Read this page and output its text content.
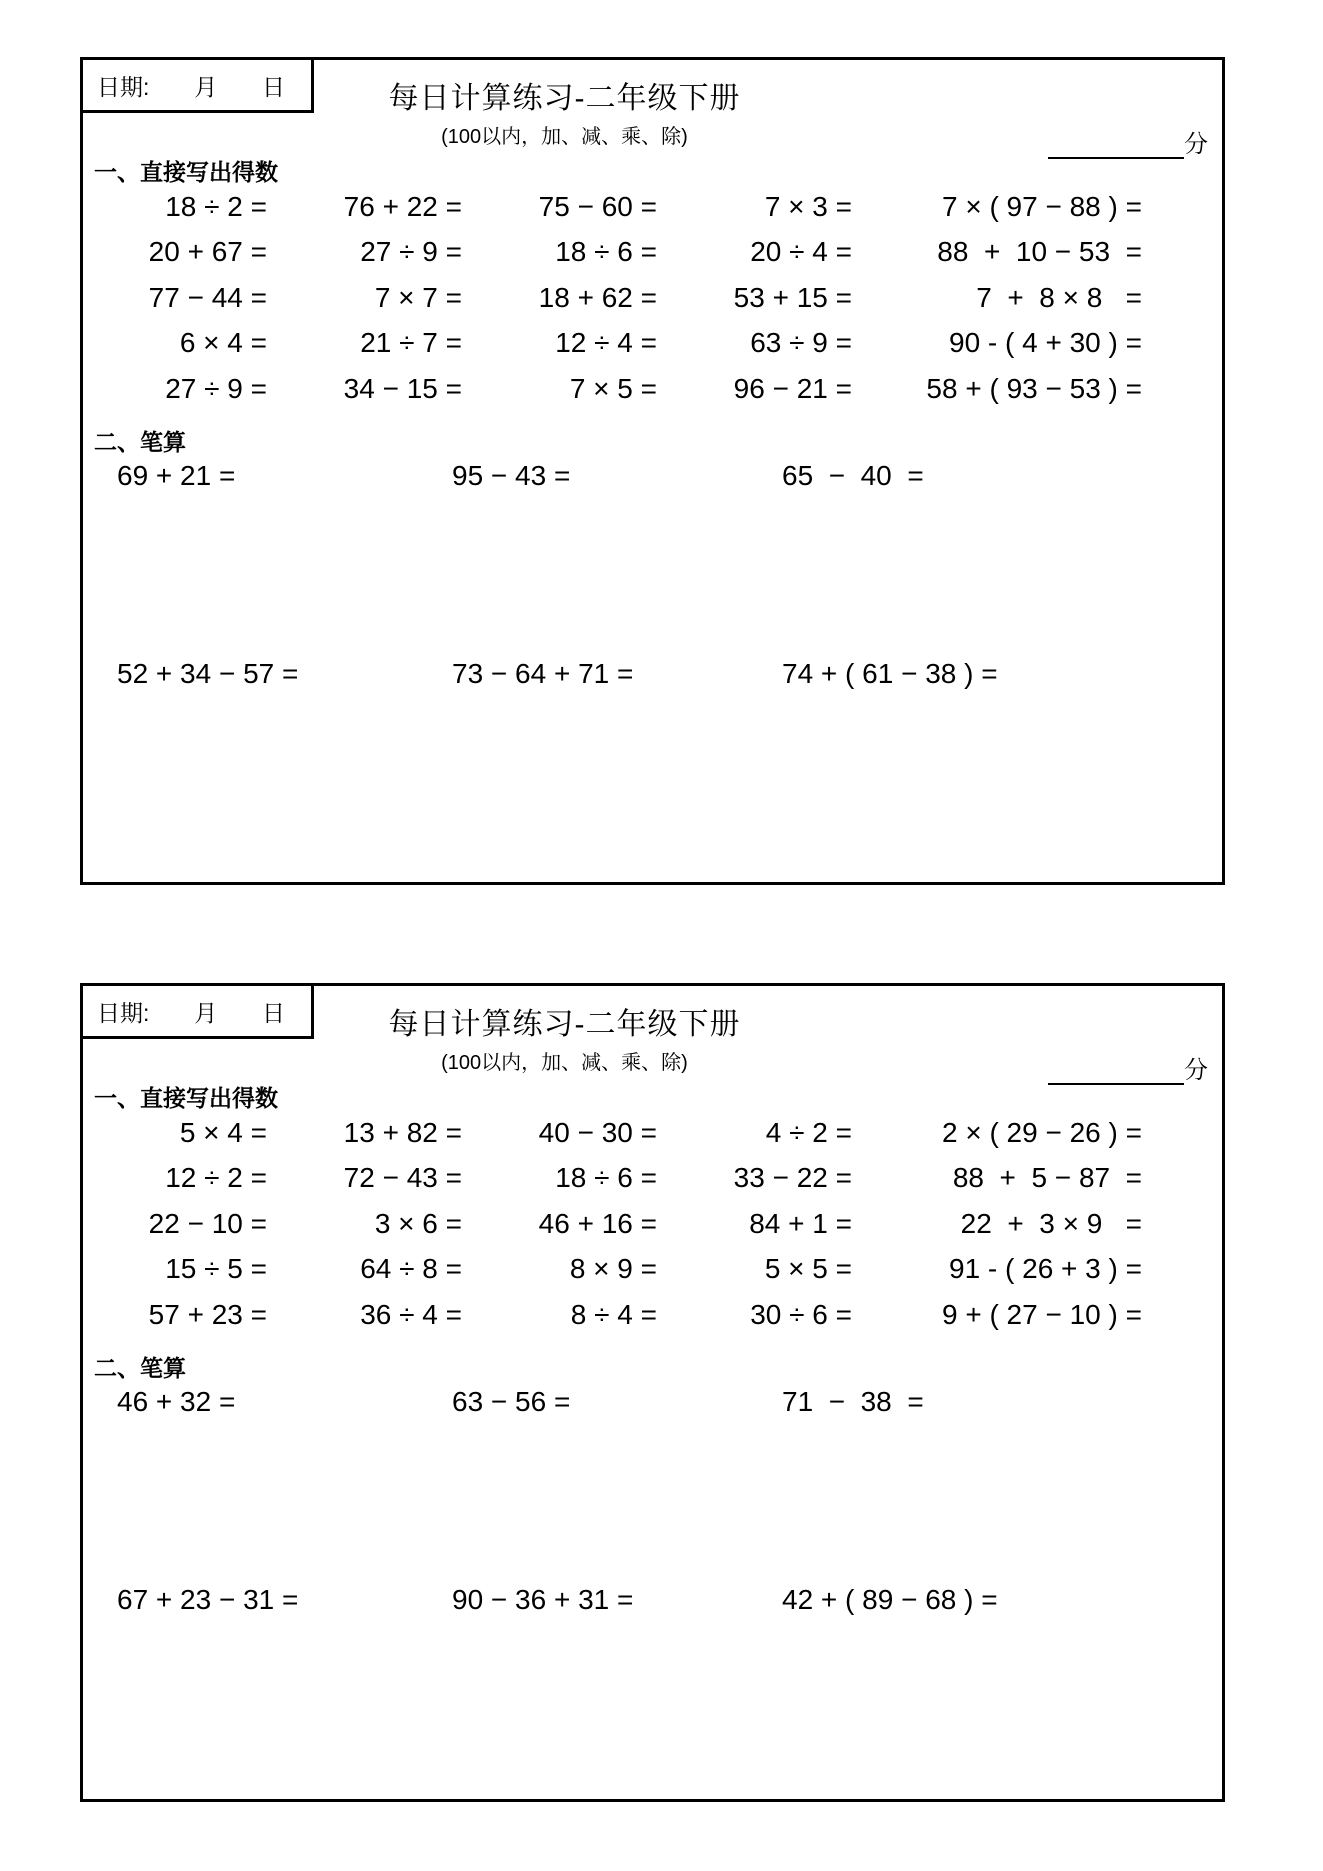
日期: 月 日	每日计算练习-二年级下册
(100以内，加、减、乘、除)	分
一、直接写出得数
18 ÷ 2 =	76 + 22 =	75 − 60 =	7 × 3 =	7 × ( 97 − 88 ) =
20 + 67 =	27 ÷ 9 =	18 ÷ 6 =	20 ÷ 4 =	88  +  10 − 53  =
77 − 44 =	7 × 7 =	18 + 62 =	53 + 15 =	7  +  8 × 8   =
6 × 4 =	21 ÷ 7 =	12 ÷ 4 =	63 ÷ 9 =	90 - ( 4 + 30 ) =
27 ÷ 9 =	34 − 15 =	7 × 5 =	96 − 21 =	58 + ( 93 − 53 ) =
二、笔算
69 + 21 =	95 − 43 =	65  −  40  =
52 + 34 − 57 =	73 − 64 + 71 =	74 + ( 61 − 38 ) =
日期: 月 日	每日计算练习-二年级下册
(100以内，加、减、乘、除)	分
一、直接写出得数
5 × 4 =	13 + 82 =	40 − 30 =	4 ÷ 2 =	2 × ( 29 − 26 ) =
12 ÷ 2 =	72 − 43 =	18 ÷ 6 =	33 − 22 =	88  +  5 − 87  =
22 − 10 =	3 × 6 =	46 + 16 =	84 + 1 =	22  +  3 × 9   =
15 ÷ 5 =	64 ÷ 8 =	8 × 9 =	5 × 5 =	91 - ( 26 + 3 ) =
57 + 23 =	36 ÷ 4 =	8 ÷ 4 =	30 ÷ 6 =	9 + ( 27 − 10 ) =
二、笔算
46 + 32 =	63 − 56 =	71  −  38  =
67 + 23 − 31 =	90 − 36 + 31 =	42 + ( 89 − 68 ) =
